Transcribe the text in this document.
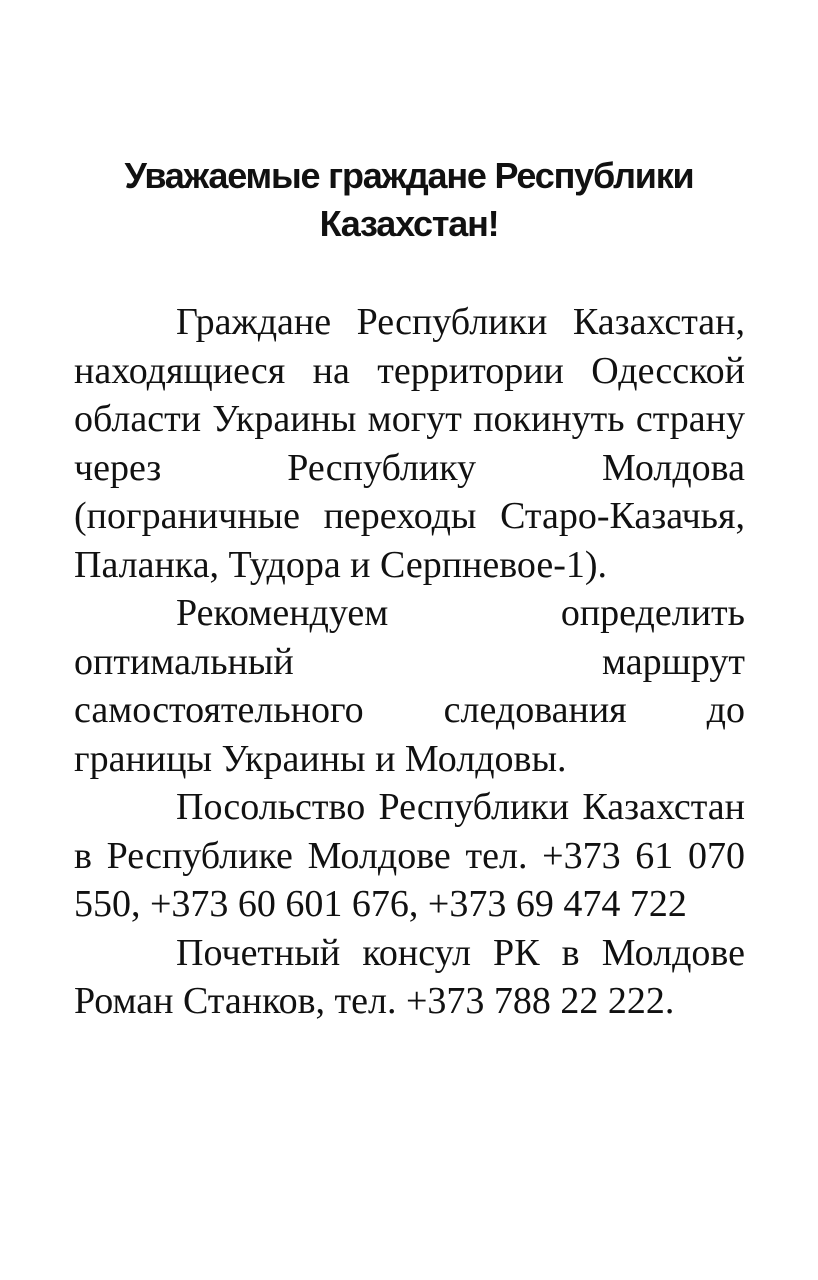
Уважаемые граждане Республики
Казахстан!

Граждане Республики Казахстан, находящиеся на территории Одесской области Украины могут покинуть страну через Республику Молдова (пограничные переходы Старо-Казачья, Паланка, Тудора и Серпневое-1).

Рекомендуем определить оптимальный маршрут самостоятельного следования до границы Украины и Молдовы.

Посольство Республики Казахстан в Республике Молдове тел. +373 61 070 550, +373 60 601 676, +373 69 474 722

Почетный консул РК в Молдове Роман Станков, тел. +373 788 22 222.
